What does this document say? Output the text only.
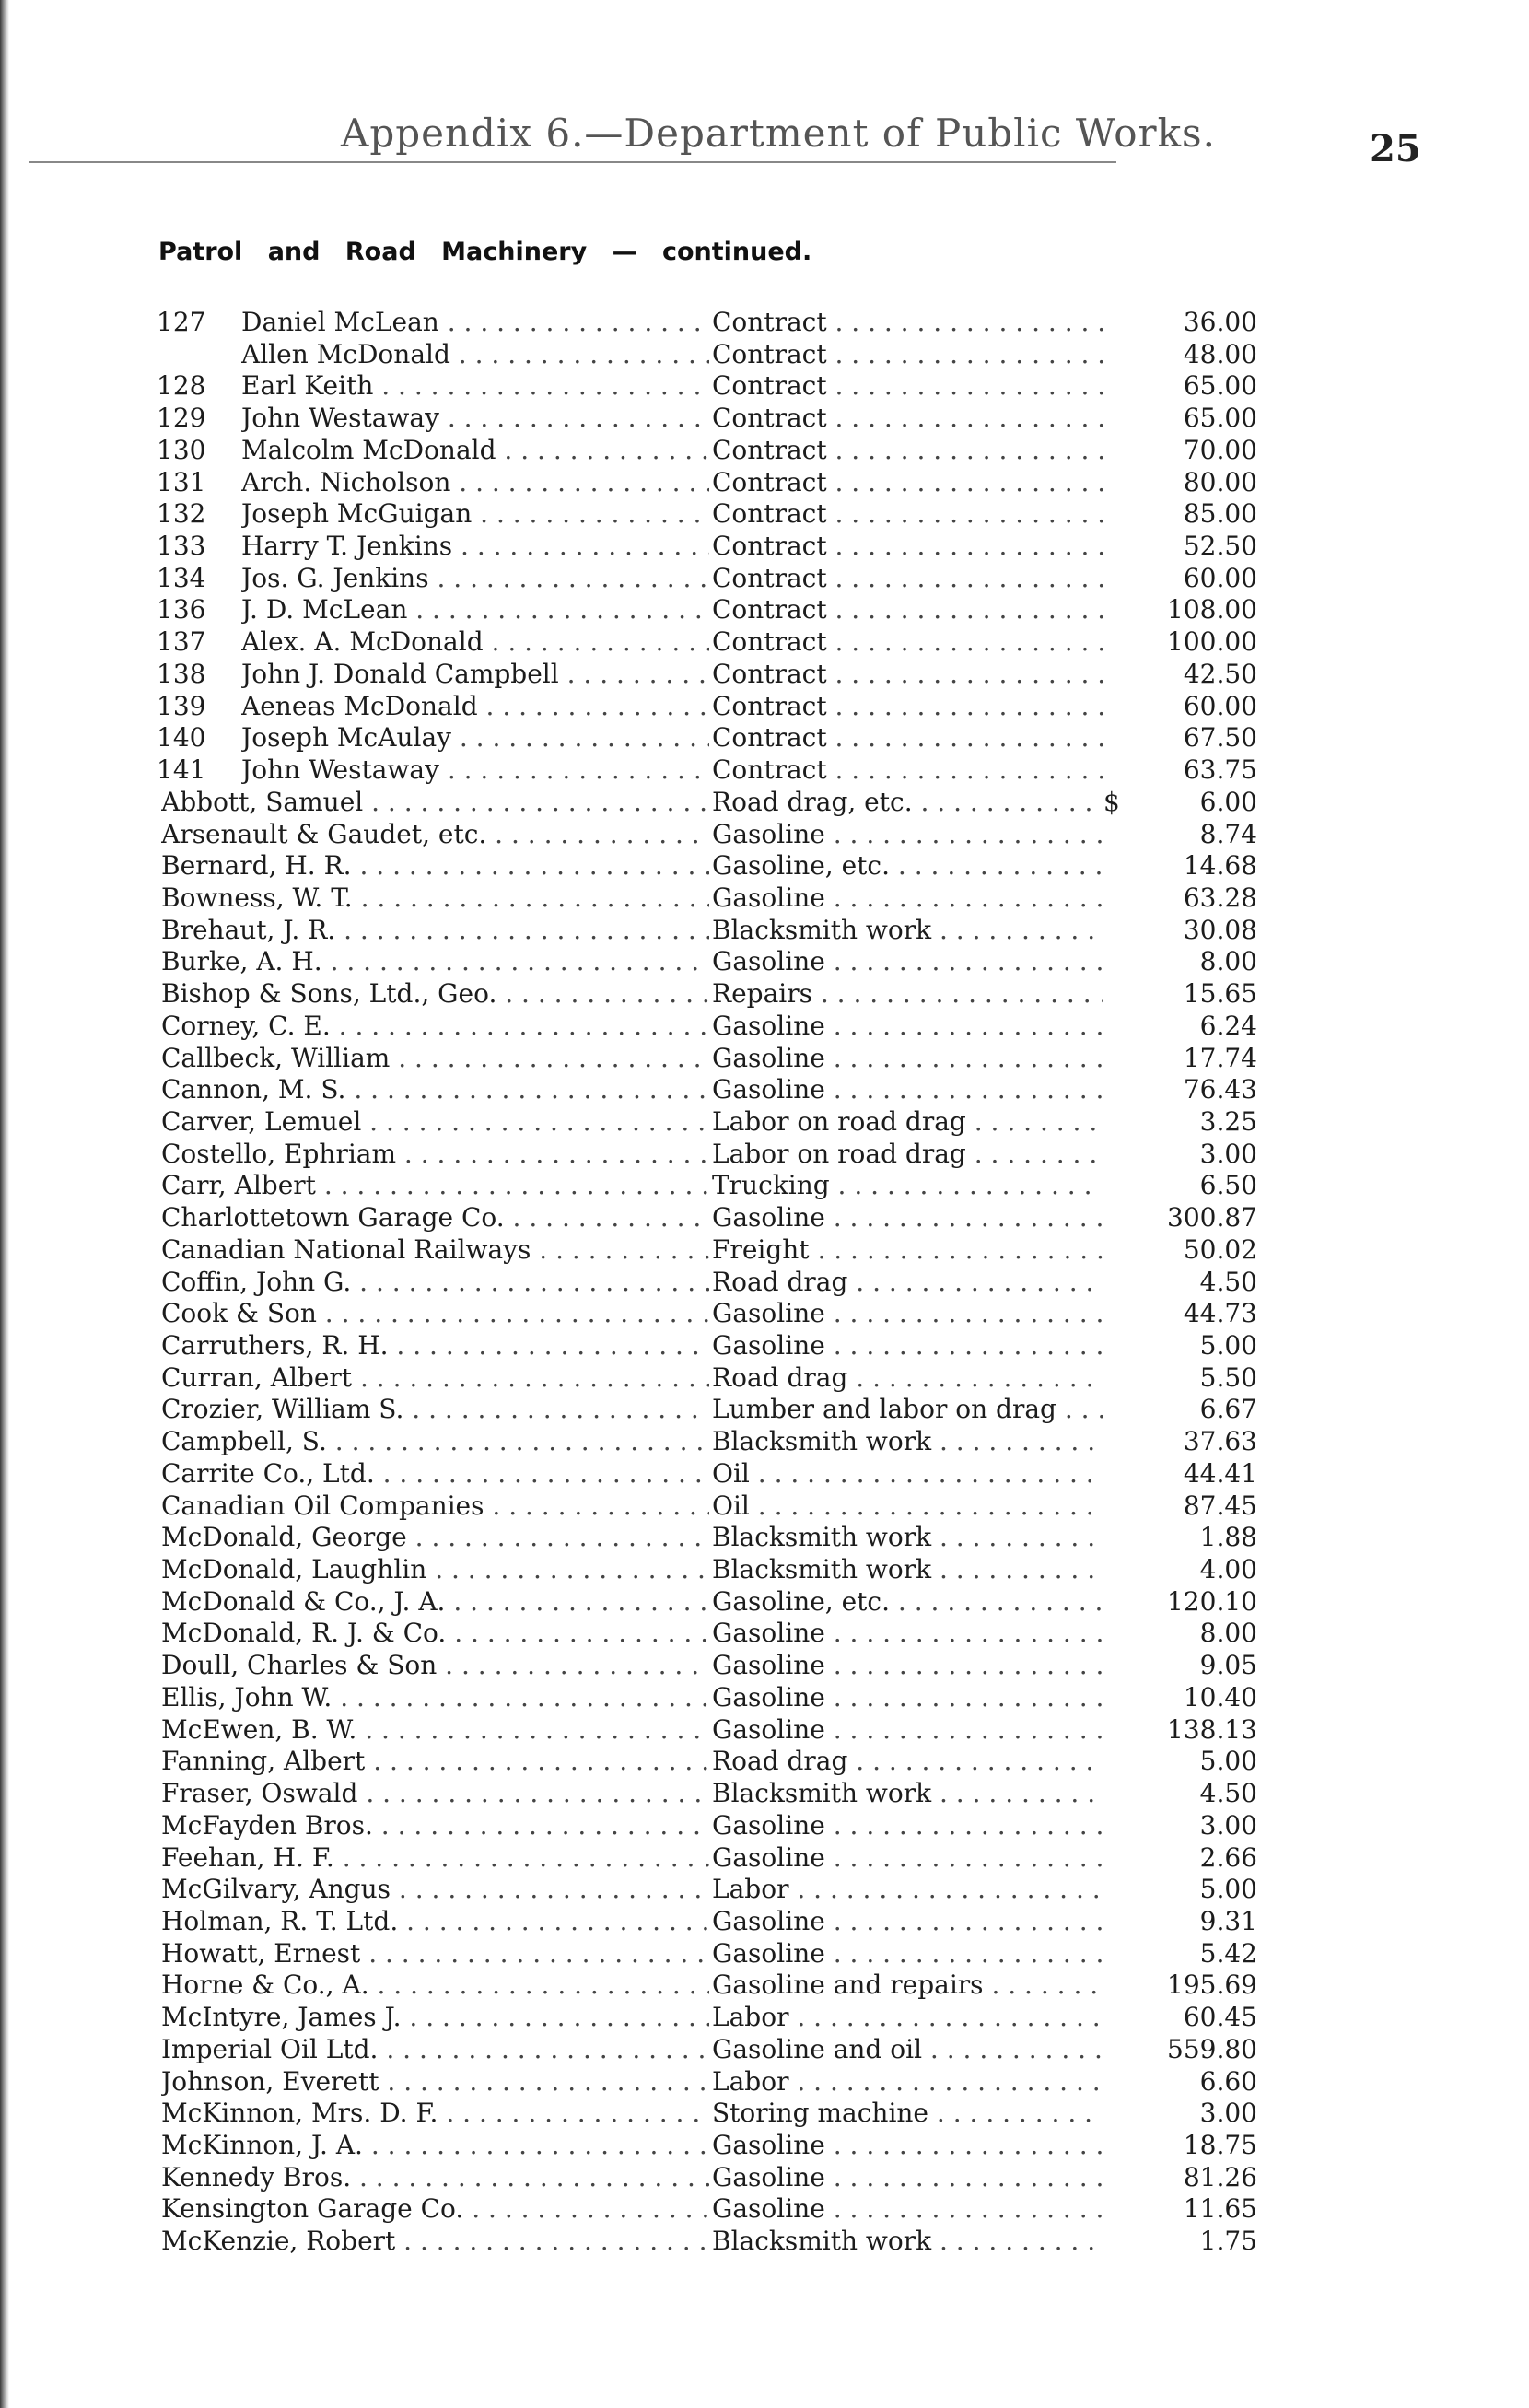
Appendix 6.—Department of Public Works.	25
Patrol and Road Machinery — continued.
127	Daniel McLean . . .	Contract . . .	36.00
Allen McDonald . . .	Contract . . .	48.00
128	Earl Keith . . .	Contract . . .	65.00
129	John Westaway . . .	Contract . . .	65.00
130	Malcolm McDonald . . .	Contract . . .	70.00
131	Arch. Nicholson . . .	Contract . . .	80.00
132	Joseph McGuigan . . .	Contract . . .	85.00
133	Harry T. Jenkins . . .	Contract . . .	52.50
134	Jos. G. Jenkins . . .	Contract . . .	60.00
136	J. D. McLean . . .	Contract . . .	108.00
137	Alex. A. McDonald . . .	Contract . . .	100.00
138	John J. Donald Campbell . . .	Contract . . .	42.50
139	Aeneas McDonald . . .	Contract . . .	60.00
140	Joseph McAulay . . .	Contract . . .	67.50
141	John Westaway . . .	Contract . . .	63.75
Abbott, Samuel . . .	Road drag, etc. . . .	$	6.00
Arsenault & Gaudet, etc. . . .	Gasoline . . .	8.74
Bernard, H. R. . . .	Gasoline, etc. . . .	14.68
Bowness, W. T. . . .	Gasoline . . .	63.28
Brehaut, J. R. . . .	Blacksmith work . . .	30.08
Burke, A. H. . . .	Gasoline . . .	8.00
Bishop & Sons, Ltd., Geo. . . .	Repairs . . .	15.65
Corney, C. E. . . .	Gasoline . . .	6.24
Callbeck, William . . .	Gasoline . . .	17.74
Cannon, M. S. . . .	Gasoline . . .	76.43
Carver, Lemuel . . .	Labor on road drag . . .	3.25
Costello, Ephriam . . .	Labor on road drag . . .	3.00
Carr, Albert . . .	Trucking . . .	6.50
Charlottetown Garage Co. . . .	Gasoline . . .	300.87
Canadian National Railways . . .	Freight . . .	50.02
Coffin, John G. . . .	Road drag . . .	4.50
Cook & Son . . .	Gasoline . . .	44.73
Carruthers, R. H. . . .	Gasoline . . .	5.00
Curran, Albert . . .	Road drag . . .	5.50
Crozier, William S. . . .	Lumber and labor on drag . . .	6.67
Campbell, S. . . .	Blacksmith work . . .	37.63
Carrite Co., Ltd. . . .	Oil . . .	44.41
Canadian Oil Companies . . .	Oil . . .	87.45
McDonald, George . . .	Blacksmith work . . .	1.88
McDonald, Laughlin . . .	Blacksmith work . . .	4.00
McDonald & Co., J. A. . . .	Gasoline, etc. . . .	120.10
McDonald, R. J. & Co. . . .	Gasoline . . .	8.00
Doull, Charles & Son . . .	Gasoline . . .	9.05
Ellis, John W. . . .	Gasoline . . .	10.40
McEwen, B. W. . . .	Gasoline . . .	138.13
Fanning, Albert . . .	Road drag . . .	5.00
Fraser, Oswald . . .	Blacksmith work . . .	4.50
McFayden Bros. . . .	Gasoline . . .	3.00
Feehan, H. F. . . .	Gasoline . . .	2.66
McGilvary, Angus . . .	Labor . . .	5.00
Holman, R. T. Ltd. . . .	Gasoline . . .	9.31
Howatt, Ernest . . .	Gasoline . . .	5.42
Horne & Co., A. . . .	Gasoline and repairs . . .	195.69
McIntyre, James J. . . .	Labor . . .	60.45
Imperial Oil Ltd. . . .	Gasoline and oil . . .	559.80
Johnson, Everett . . .	Labor . . .	6.60
McKinnon, Mrs. D. F. . . .	Storing machine . . .	3.00
McKinnon, J. A. . . .	Gasoline . . .	18.75
Kennedy Bros. . . .	Gasoline . . .	81.26
Kensington Garage Co. . . .	Gasoline . . .	11.65
McKenzie, Robert . . .	Blacksmith work . . .	1.75
